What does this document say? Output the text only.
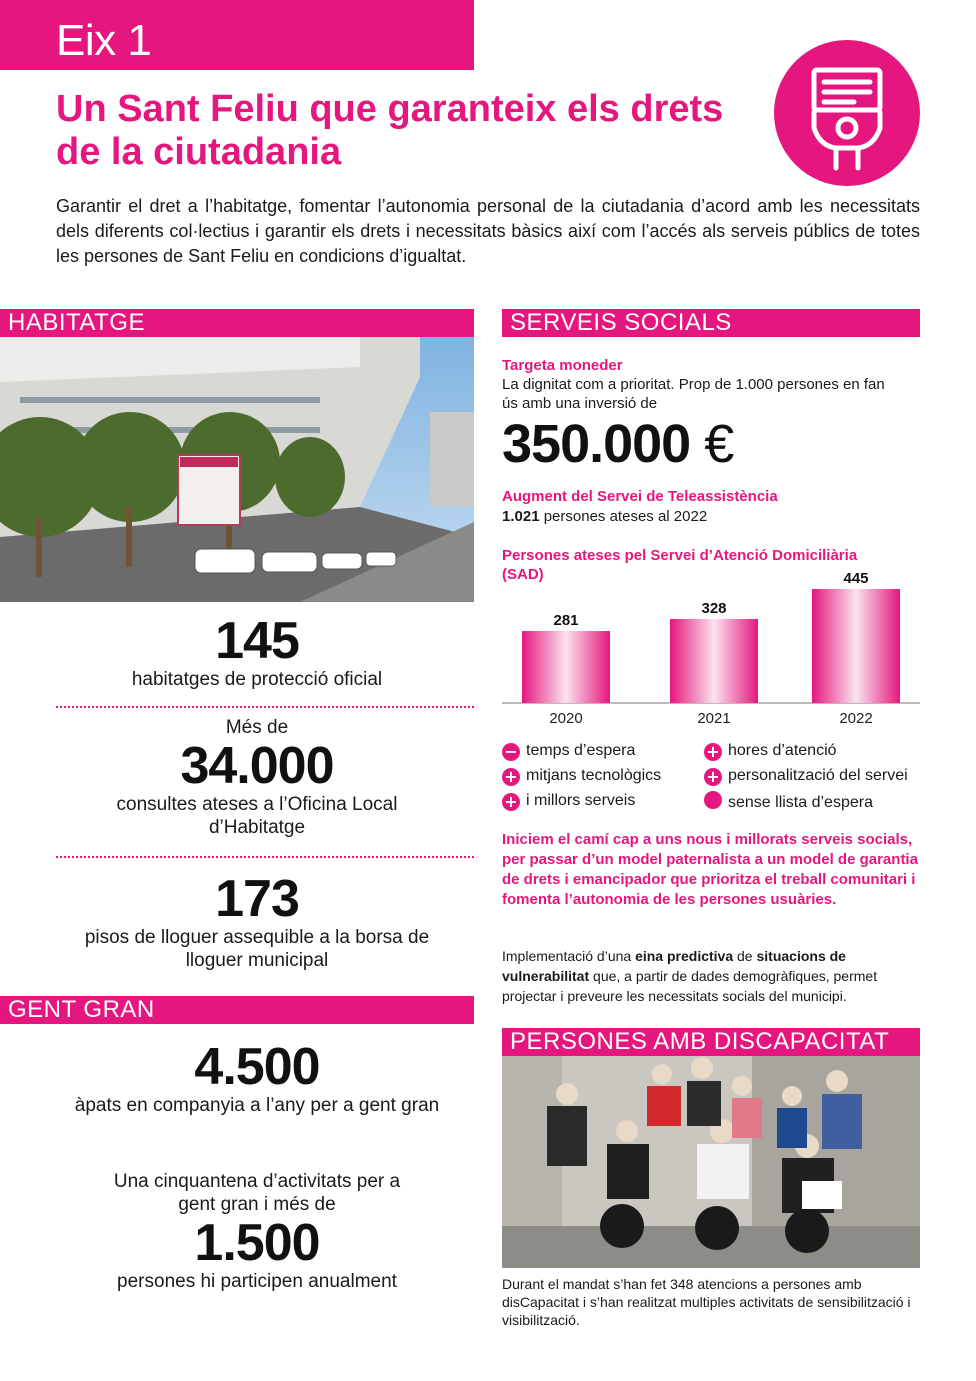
Eix 1
Un Sant Feliu que garanteix els drets de la ciutadania

Garantir el dret a l’habitatge, fomentar l’autonomia personal de la ciutadania d’acord amb les necessitats dels diferents col·lectius i garantir els drets i necessitats bàsics així com l’accés als serveis públics de totes les persones de Sant Feliu en condicions d’igualtat.

HABITATGE
145
habitatges de protecció oficial
Més de
34.000
consultes ateses a l’Oficina Local d’Habitatge
173
pisos de lloguer assequible a la borsa de lloguer municipal
GENT GRAN
4.500
àpats en companyia a l’any per a gent gran
Una cinquantena d’activitats per a gent gran i més de
1.500
persones hi participen anualment
SERVEIS SOCIALS
Targeta moneder
La dignitat com a prioritat. Prop de 1.000 persones en fan ús amb una inversió de
350.000 €
Augment del Servei de Teleassistència
1.021 persones ateses al 2022
Persones ateses pel Servei d’Atenció Domiciliària (SAD)
281
2020
328
2021
445
2022
− temps d’espera
+ mitjans tecnològics
+ i millors serveis
+ hores d’atenció
+ personalització del servei
sense llista d’espera
Iniciem el camí cap a uns nous i millorats serveis socials, per passar d’un model paternalista a un model de garantia de drets i emancipador que prioritza el treball comunitari i fomenta l’autonomia de les persones usuàries.
Implementació d’una eina predictiva de situacions de vulnerabilitat que, a partir de dades demogràfiques, permet projectar i preveure les necessitats socials del municipi.
PERSONES AMB DISCAPACITAT
Durant el mandat s’han fet 348 atencions a persones amb disCapacitat i s’han realitzat multiples activitats de sensibilització i visibilització.
